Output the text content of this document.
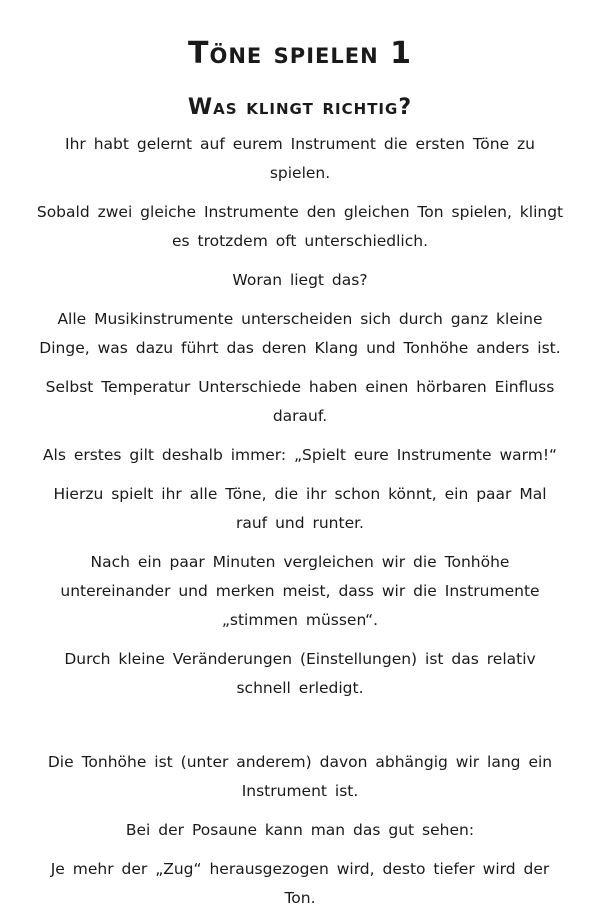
Töne spielen 1
Was klingt richtig?

Ihr habt gelernt auf eurem Instrument die ersten Töne zu spielen.

Sobald zwei gleiche Instrumente den gleichen Ton spielen, klingt es trotzdem oft unterschiedlich.

Woran liegt das?

Alle Musikinstrumente unterscheiden sich durch ganz kleine Dinge, was dazu führt das deren Klang und Tonhöhe anders ist.

Selbst Temperatur Unterschiede haben einen hörbaren Einfluss darauf.

Als erstes gilt deshalb immer: „Spielt eure Instrumente warm!“

Hierzu spielt ihr alle Töne, die ihr schon könnt, ein paar Mal rauf und runter.

Nach ein paar Minuten vergleichen wir die Tonhöhe untereinander und merken meist, dass wir die Instrumente „stimmen müssen“.

Durch kleine Veränderungen (Einstellungen) ist das relativ schnell erledigt.

Die Tonhöhe ist (unter anderem) davon abhängig wir lang ein Instrument ist.

Bei der Posaune kann man das gut sehen:

Je mehr der „Zug“ herausgezogen wird, desto tiefer wird der Ton.
